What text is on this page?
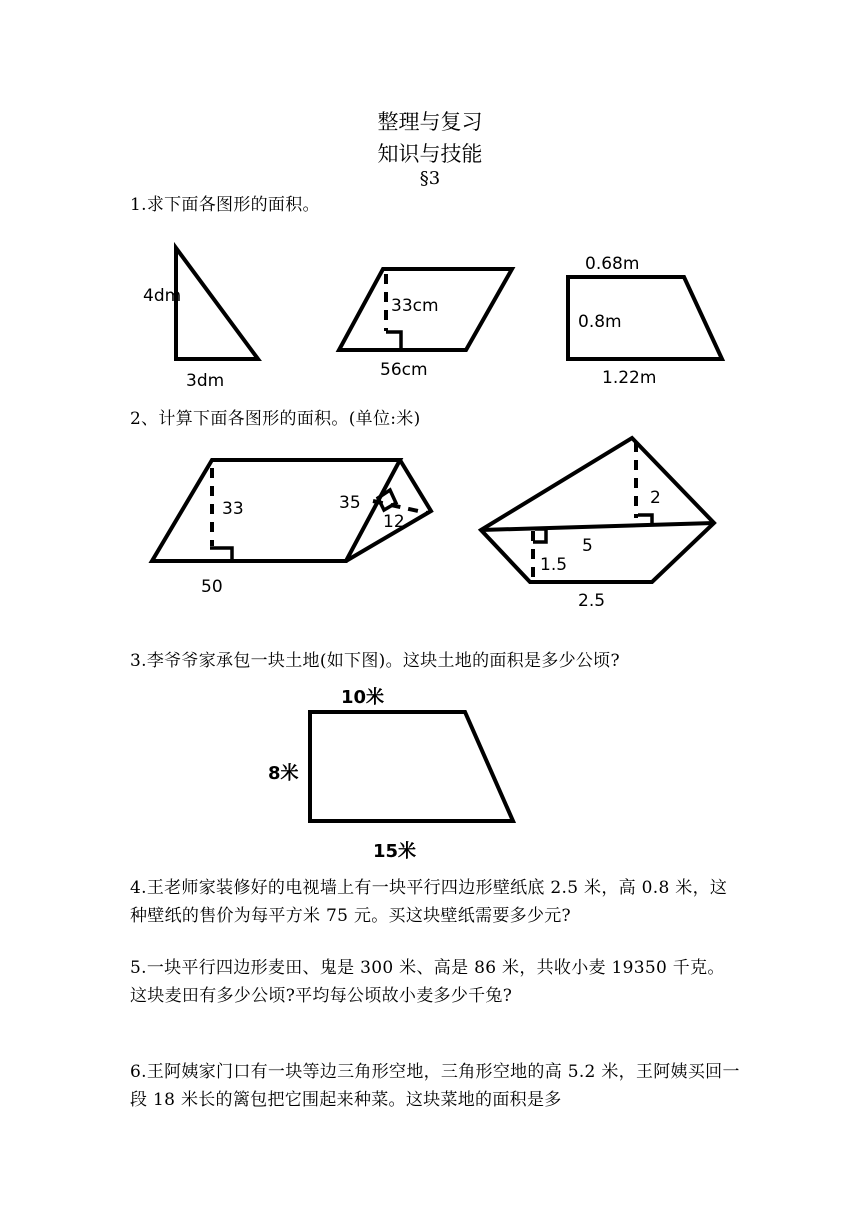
整理与复习
知识与技能
§3
1.求下面各图形的面积。
4dm
3dm
33cm
56cm
0.68m
0.8m
1.22m
2、计算下面各图形的面积。(单位:米)
33
50
35
12
2
5
1.5
2.5
3.李爷爷家承包一块土地(如下图)。这块土地的面积是多少公顷?
10米
8米
15米
4.王老师家装修好的电视墙上有一块平行四边形壁纸底 2.5 米，高 0.8 米，这种壁纸的售价为每平方米 75 元。买这块壁纸需要多少元?
5.一块平行四边形麦田、鬼是 300 米、高是 86 米，共收小麦 19350 千克。这块麦田有多少公顷?平均每公顷故小麦多少千兔?
6.王阿姨家门口有一块等边三角形空地，三角形空地的高 5.2 米，王阿姨买回一段 18 米长的篱包把它围起来种菜。这块菜地的面积是多
